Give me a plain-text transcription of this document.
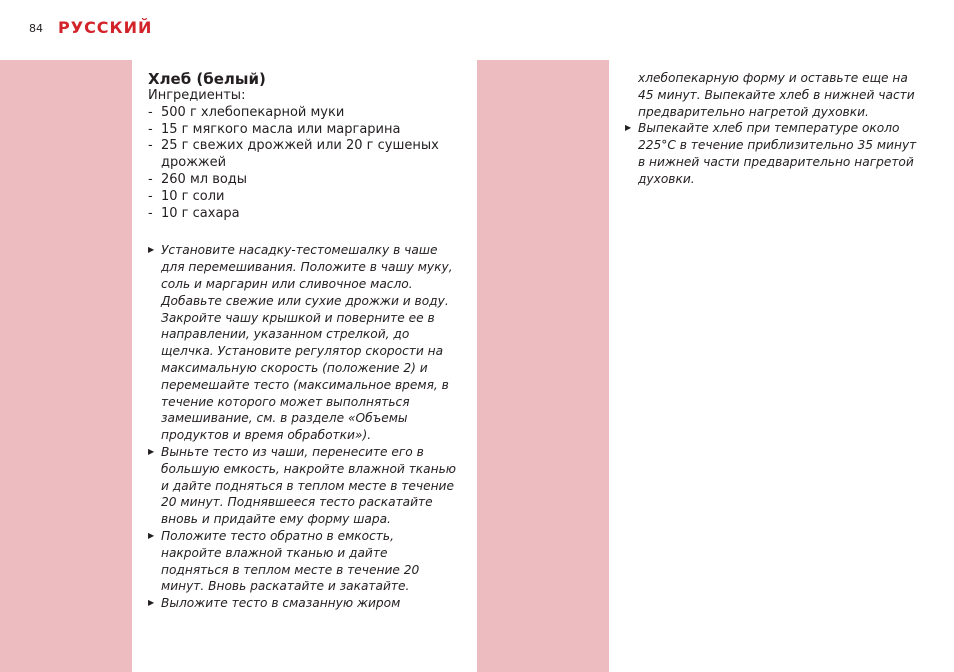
84 РУССКИЙ
Хлеб (белый)
Ингредиенты:
- 500 г хлебопекарной муки
- 15 г мягкого масла или маргарина
- 25 г свежих дрожжей или 20 г сушеных дрожжей
- 260 мл воды
- 10 г соли
- 10 г сахара
▶ Установите насадку-тестомешалку в чаше для перемешивания. Положите в чашу муку, соль и маргарин или сливочное масло. Добавьте свежие или сухие дрожжи и воду. Закройте чашу крышкой и поверните ее в направлении, указанном стрелкой, до щелчка. Установите регулятор скорости на максимальную скорость (положение 2) и перемешайте тесто (максимальное время, в течение которого может выполняться замешивание, см. в разделе «Объемы продуктов и время обработки»).
▶ Выньте тесто из чаши, перенесите его в большую емкость, накройте влажной тканью и дайте подняться в теплом месте в течение 20 минут. Поднявшееся тесто раскатайте вновь и придайте ему форму шара.
▶ Положите тесто обратно в емкость, накройте влажной тканью и дайте подняться в теплом месте в течение 20 минут. Вновь раскатайте и закатайте.
▶ Выложите тесто в смазанную жиром
хлебопекарную форму и оставьте еще на 45 минут. Выпекайте хлеб в нижней части предварительно нагретой духовки.
▶ Выпекайте хлеб при температуре около 225°C в течение приблизительно 35 минут в нижней части предварительно нагретой духовки.
